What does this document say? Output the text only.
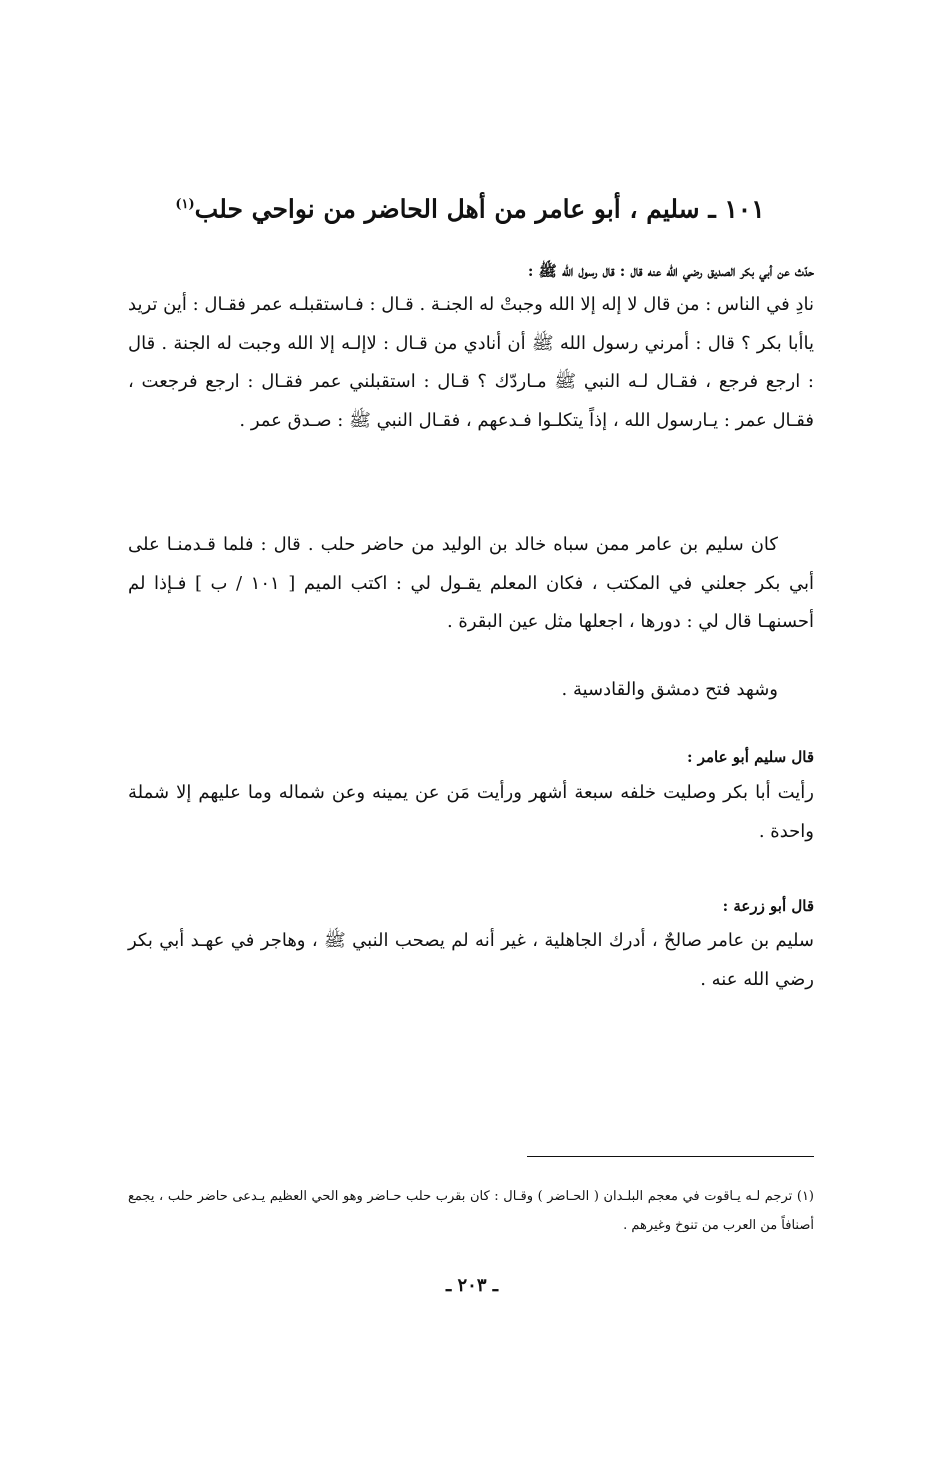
١٠١ ـ سليم ، أبو عامر من أهل الحاضر من نواحي حلب$^{(١)}$
حدّث عن أبي بكر الصديق رضي الله عنه قال : قال رسول الله ﷺ :
نادِ في الناس : من قال لا إله إلا الله وجبتْ له الجنـة . قـال : فـاستقبلـه عمر فقـال : أين تريد ياأبا بكر ؟ قال : أمرني رسول الله ﷺ أن أنادي من قـال : لاإلـه إلا الله وجبت له الجنة . قال : ارجع فرجع ، فقـال لـه النبي ﷺ مـاردّك ؟ قـال : استقبلني عمر فقـال : ارجع فرجعت ، فقـال عمر : يـارسول الله ، إذاً يتكلـوا فـدعهم ، فقـال النبي ﷺ : صـدق عمر .
كان سليم بن عامر ممن سباه خالد بن الوليد من حاضر حلب . قال : فلما قـدمنـا على أبي بكر جعلني في المكتب ، فكان المعلم يقـول لي : اكتب الميم [ ١٠١ / ب ] فـإذا لم أحسنهـا قال لي : دورها ، اجعلها مثل عين البقرة .
وشهد فتح دمشق والقادسية .
قال سليم أبو عامر :
رأيت أبا بكر وصليت خلفه سبعة أشهر ورأيت مَن عن يمينه وعن شماله وما عليهم إلا شملة واحدة .
قال أبو زرعة :
سليم بن عامر صالحٌ ، أدرك الجاهلية ، غير أنه لم يصحب النبي ﷺ ، وهاجر في عهـد أبي بكر رضي الله عنه .
(١) ترجم لـه يـاقوت في معجم البلـدان ( الحـاضر ) وقـال : كان بقرب حلب حـاضر وهو الحي العظيم يـدعى حاضر حلب ، يجمع أصنافاً من العرب من تنوخ وغيرهم .
ـ ٢٠٣ ـ
